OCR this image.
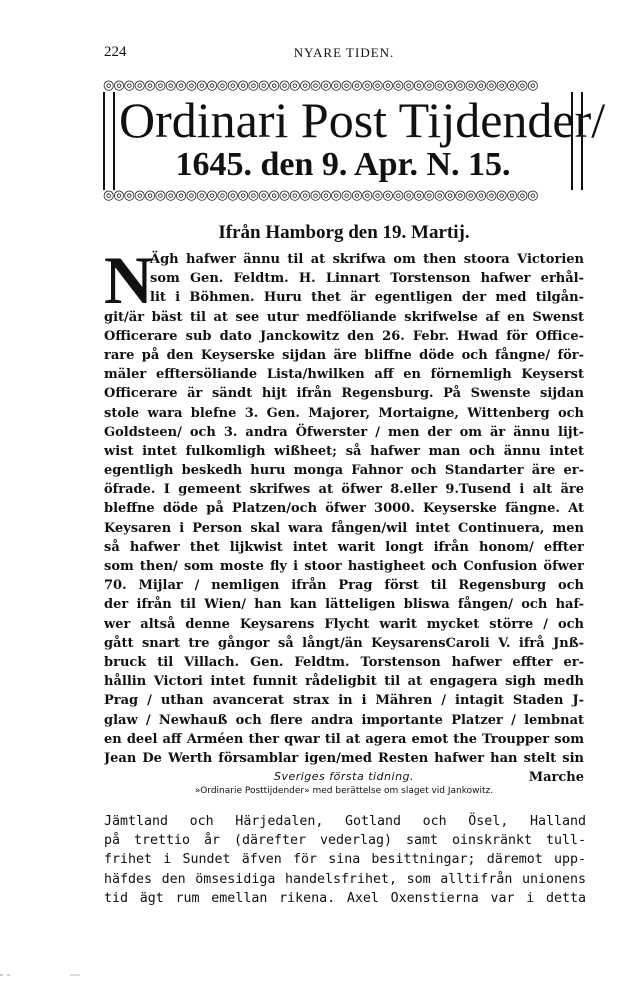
224	NYARE TIDEN.
◎◎◎◎◎◎◎◎◎◎◎◎◎◎◎◎◎◎◎◎◎◎◎◎◎◎◎◎◎◎◎◎◎◎◎◎◎◎◎◎◎◎
Ordinari Post Tijdender/
1645. den 9. Apr. N. 15.
◎◎◎◎◎◎◎◎◎◎◎◎◎◎◎◎◎◎◎◎◎◎◎◎◎◎◎◎◎◎◎◎◎◎◎◎◎◎◎◎◎◎
Ifrån Hamborg den 19. Martij.
N
Ägh hafwer ännu til at skrifwa om then stoora Victorien
som Gen. Feldtm. H. Linnart Torstenson hafwer erhål-
lit i Böhmen. Huru thet är egentligen der med tilgån-
git/är bäst til at see utur medföliande skrifwelse af en Swenst
Officerare sub dato Janckowitz den 26. Febr. Hwad för Office-
rare på den Keyserske sijdan äre bliffne döde och fångne/ för-
mäler efftersöliande Lista/hwilken aff en förnemligh Keyserst
Officerare är sändt hijt ifrån Regensburg. På Swenste sijdan
stole wara blefne 3. Gen. Majorer, Mortaigne, Wittenberg och
Goldsteen/ och 3. andra Öfwerster / men der om är ännu lijt-
wist intet fulkomligh wißheet; så hafwer man och ännu intet
egentligh beskedh huru monga Fahnor och Standarter äre er-
öfrade. I gemeent skrifwes at öfwer 8.eller 9.Tusend i alt äre
bleffne döde på Platzen/och öfwer 3000. Keyserske fängne. At
Keysaren i Person skal wara fången/wil intet Continuera, men
så hafwer thet lijkwist intet warit longt ifrån honom/ effter
som then/ som moste fly i stoor hastigheet och Confusion öfwer
70. Mijlar / nemligen ifrån Prag först til Regensburg och
der ifrån til Wien/ han kan lätteligen bliswa fången/ och haf-
wer altså denne Keysarens Flycht warit mycket större / och
gått snart tre gångor så långt/än KeysarensCaroli V. ifrå Jnß-
bruck til Villach. Gen. Feldtm. Torstenson hafwer effter er-
hållin Victori intet funnit rådeligbit til at engagera sigh medh
Prag / uthan avancerat strax in i Mähren / intagit Staden J-
glaw / Newhauß och flere andra importante Platzer / lembnat
en deel aff Arméen ther qwar til at agera emot the Troupper som
Jean De Werth församblar igen/med Resten hafwer han stelt sin
Marche
Sveriges första tidning.
»Ordinarie Posttijdender» med berättelse om slaget vid Jankowitz.
Jämtland och Härjedalen, Gotland och Ösel, Halland
på trettio år (därefter vederlag) samt oinskränkt tull-
frihet i Sundet äfven för sina besittningar; däremot upp-
häfdes den ömsesidiga handelsfrihet, som alltifrån unionens
tid ägt rum emellan rikena. Axel Oxenstierna var i detta
